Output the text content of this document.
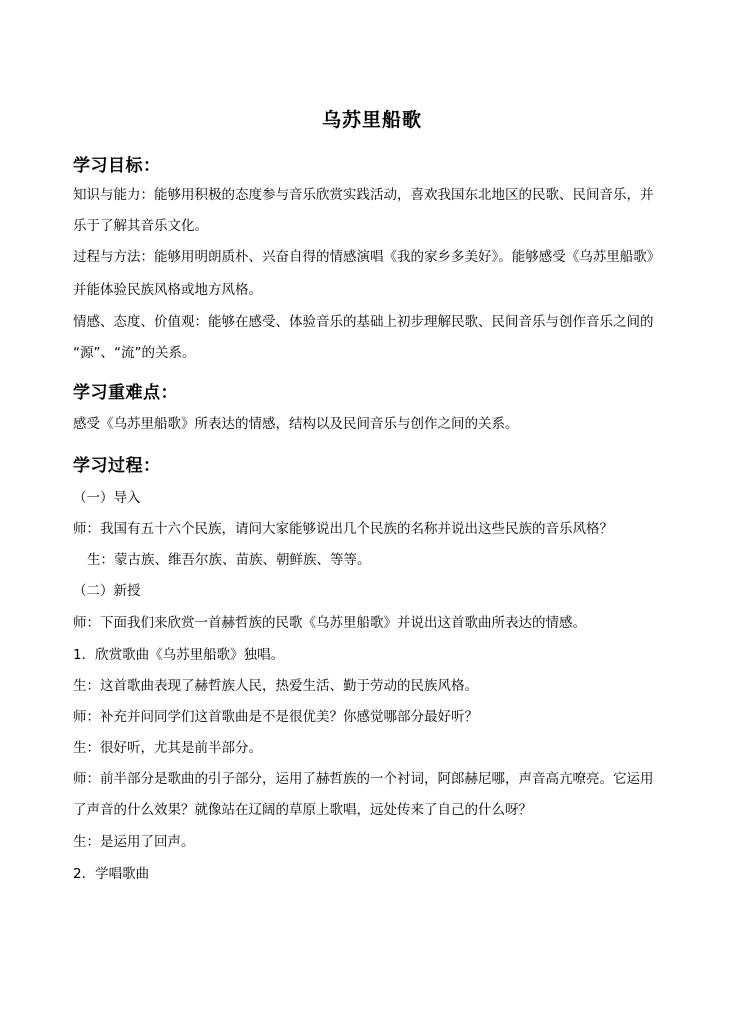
乌苏里船歌
学习目标：
知识与能力：能够用积极的态度参与音乐欣赏实践活动，喜欢我国东北地区的民歌、民间音乐，并
乐于了解其音乐文化。
过程与方法：能够用明朗质朴、兴奋自得的情感演唱《我的家乡多美好》。能够感受《乌苏里船歌》
并能体验民族风格或地方风格。
情感、态度、价值观：能够在感受、体验音乐的基础上初步理解民歌、民间音乐与创作音乐之间的
“源”、“流”的关系。
学习重难点：
感受《乌苏里船歌》所表达的情感，结构以及民间音乐与创作之间的关系。
学习过程：
（一）导入
师：我国有五十六个民族，请问大家能够说出几个民族的名称并说出这些民族的音乐风格？
生：蒙古族、维吾尔族、苗族、朝鲜族、等等。
（二）新授
师：下面我们来欣赏一首赫哲族的民歌《乌苏里船歌》并说出这首歌曲所表达的情感。
1．欣赏歌曲《乌苏里船歌》独唱。
生：这首歌曲表现了赫哲族人民，热爱生活、勤于劳动的民族风格。
师：补充并问同学们这首歌曲是不是很优美？你感觉哪部分最好听？
生：很好听，尤其是前半部分。
师：前半部分是歌曲的引子部分，运用了赫哲族的一个衬词，阿郎赫尼哪，声音高亢嘹亮。它运用
了声音的什么效果？就像站在辽阔的草原上歌唱，远处传来了自己的什么呀？
生：是运用了回声。
2．学唱歌曲
